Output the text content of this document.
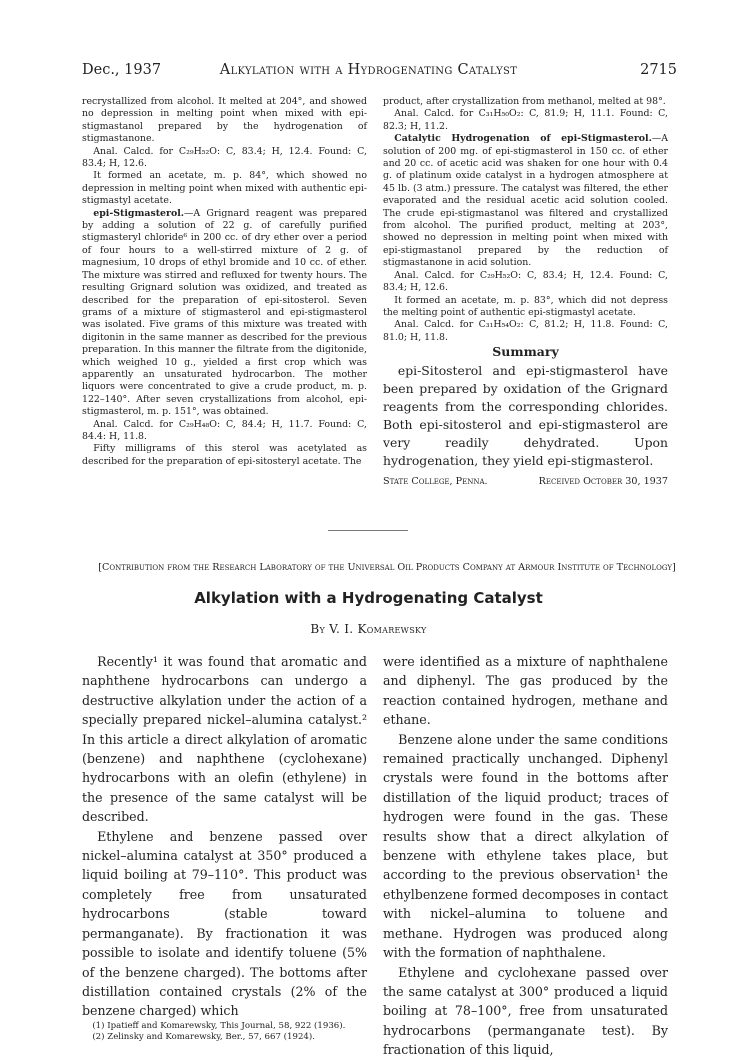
Dec., 1937	Alkylation with a Hydrogenating Catalyst	2715

recrystallized from alcohol. It melted at 204°, and showed no depression in melting point when mixed with epi-stigmastanol prepared by the hydrogenation of stigmastanone.

Anal. Calcd. for C₂₉H₅₂O: C, 83.4; H, 12.4. Found: C, 83.4; H, 12.6.

It formed an acetate, m. p. 84°, which showed no depression in melting point when mixed with authentic epi-stigmastyl acetate.

epi-Stigmasterol.—A Grignard reagent was prepared by adding a solution of 22 g. of carefully purified stigmasteryl chloride⁶ in 200 cc. of dry ether over a period of four hours to a well-stirred mixture of 2 g. of magnesium, 10 drops of ethyl bromide and 10 cc. of ether. The mixture was stirred and refluxed for twenty hours. The resulting Grignard solution was oxidized, and treated as described for the preparation of epi-sitosterol. Seven grams of a mixture of stigmasterol and epi-stigmasterol was isolated. Five grams of this mixture was treated with digitonin in the same manner as described for the previous preparation. In this manner the filtrate from the digitonide, which weighed 10 g., yielded a first crop which was apparently an unsaturated hydrocarbon. The mother liquors were concentrated to give a crude product, m. p. 122–140°. After seven crystallizations from alcohol, epi-stigmasterol, m. p. 151°, was obtained.

Anal. Calcd. for C₂₉H₄₈O: C, 84.4; H, 11.7. Found: C, 84.4: H, 11.8.

Fifty milligrams of this sterol was acetylated as described for the preparation of epi-sitosteryl acetate. The

product, after crystallization from methanol, melted at 98°.

Anal. Calcd. for C₃₁H₅₀O₂: C, 81.9; H, 11.1. Found: C, 82.3; H, 11.2.

Catalytic Hydrogenation of epi-Stigmasterol.—A solution of 200 mg. of epi-stigmasterol in 150 cc. of ether and 20 cc. of acetic acid was shaken for one hour with 0.4 g. of platinum oxide catalyst in a hydrogen atmosphere at 45 lb. (3 atm.) pressure. The catalyst was filtered, the ether evaporated and the residual acetic acid solution cooled. The crude epi-stigmastanol was filtered and crystallized from alcohol. The purified product, melting at 203°, showed no depression in melting point when mixed with epi-stigmastanol prepared by the reduction of stigmastanone in acid solution.

Anal. Calcd. for C₂₉H₅₂O: C, 83.4; H, 12.4. Found: C, 83.4; H, 12.6.

It formed an acetate, m. p. 83°, which did not depress the melting point of authentic epi-stigmastyl acetate.

Anal. Calcd. for C₃₁H₅₄O₂: C, 81.2; H, 11.8. Found: C, 81.0; H, 11.8.

Summary

epi-Sitosterol and epi-stigmasterol have been prepared by oxidation of the Grignard reagents from the corresponding chlorides. Both epi-sitosterol and epi-stigmasterol are very readily dehydrated. Upon hydrogenation, they yield epi-stigmasterol.

State College, Penna.	Received October 30, 1937
[Contribution from the Research Laboratory of the Universal Oil Products Company at Armour Institute of Technology]
Alkylation with a Hydrogenating Catalyst
By V. I. Komarewsky

Recently¹ it was found that aromatic and naphthene hydrocarbons can undergo a destructive alkylation under the action of a specially prepared nickel–alumina catalyst.² In this article a direct alkylation of aromatic (benzene) and naphthene (cyclohexane) hydrocarbons with an olefin (ethylene) in the presence of the same catalyst will be described.

Ethylene and benzene passed over nickel–alumina catalyst at 350° produced a liquid boiling at 79–110°. This product was completely free from unsaturated hydrocarbons (stable toward permanganate). By fractionation it was possible to isolate and identify toluene (5% of the benzene charged). The bottoms after distillation contained crystals (2% of the benzene charged) which

(1) Ipatieff and Komarewsky, This Journal, 58, 922 (1936).

(2) Zelinsky and Komarewsky, Ber., 57, 667 (1924).

were identified as a mixture of naphthalene and diphenyl. The gas produced by the reaction contained hydrogen, methane and ethane.

Benzene alone under the same conditions remained practically unchanged. Diphenyl crystals were found in the bottoms after distillation of the liquid product; traces of hydrogen were found in the gas. These results show that a direct alkylation of benzene with ethylene takes place, but according to the previous observation¹ the ethylbenzene formed decomposes in contact with nickel–alumina to toluene and methane. Hydrogen was produced along with the formation of naphthalene.

Ethylene and cyclohexane passed over the same catalyst at 300° produced a liquid boiling at 78–100°, free from unsaturated hydrocarbons (permanganate test). By fractionation of this liquid,
